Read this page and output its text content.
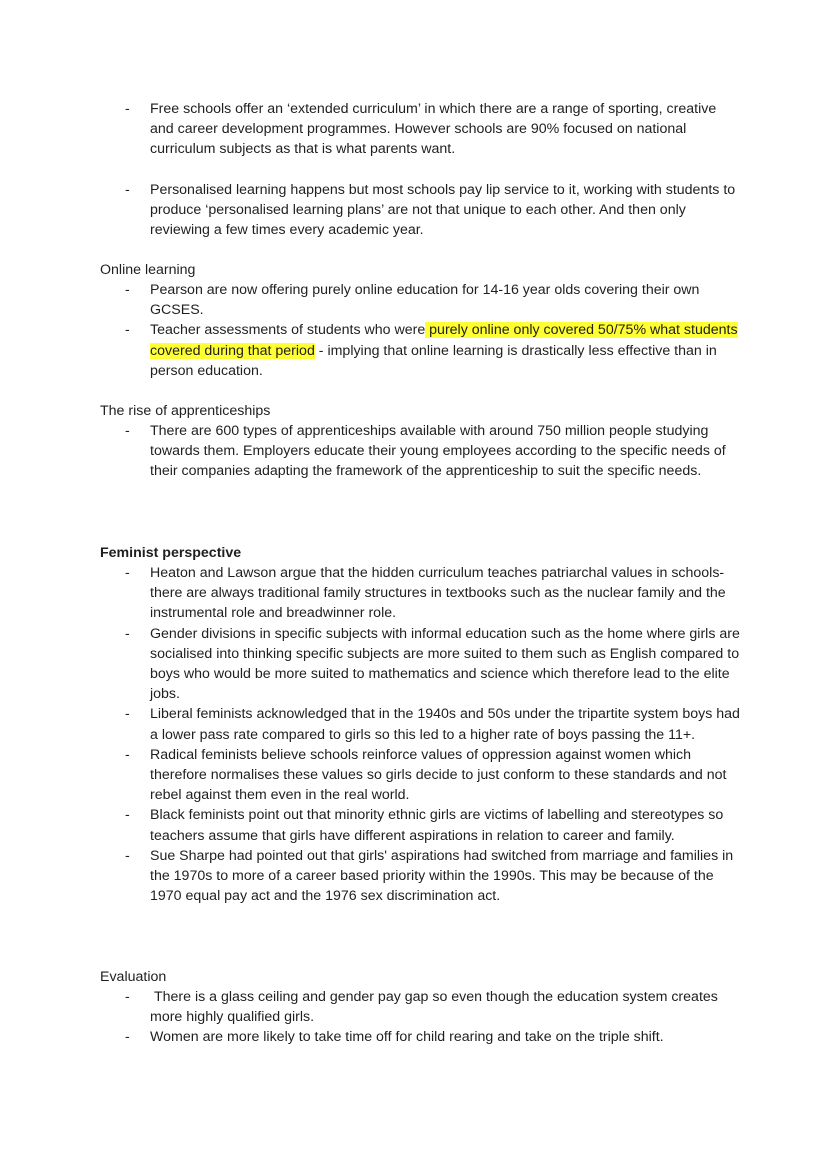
- Free schools offer an ‘extended curriculum’ in which there are a range of sporting, creative and career development programmes. However schools are 90% focused on national curriculum subjects as that is what parents want.
- Personalised learning happens but most schools pay lip service to it, working with students to produce ‘personalised learning plans’ are not that unique to each other. And then only reviewing a few times every academic year.

Online learning

- Pearson are now offering purely online education for 14-16 year olds covering their own GCSES.
- Teacher assessments of students who were purely online only covered 50/75% what students covered during that period - implying that online learning is drastically less effective than in person education.

The rise of apprenticeships

- There are 600 types of apprenticeships available with around 750 million people studying towards them. Employers educate their young employees according to the specific needs of their companies adapting the framework of the apprenticeship to suit the specific needs.

Feminist perspective

- Heaton and Lawson argue that the hidden curriculum teaches patriarchal values in schools- there are always traditional family structures in textbooks such as the nuclear family and the instrumental role and breadwinner role.
- Gender divisions in specific subjects with informal education such as the home where girls are socialised into thinking specific subjects are more suited to them such as English compared to boys who would be more suited to mathematics and science which therefore lead to the elite jobs.
- Liberal feminists acknowledged that in the 1940s and 50s under the tripartite system boys had a lower pass rate compared to girls so this led to a higher rate of boys passing the 11+.
- Radical feminists believe schools reinforce values of oppression against women which therefore normalises these values so girls decide to just conform to these standards and not rebel against them even in the real world.
- Black feminists point out that minority ethnic girls are victims of labelling and stereotypes so teachers assume that girls have different aspirations in relation to career and family.
- Sue Sharpe had pointed out that girls' aspirations had switched from marriage and families in the 1970s to more of a career based priority within the 1990s. This may be because of the 1970 equal pay act and the 1976 sex discrimination act.

Evaluation

- There is a glass ceiling and gender pay gap so even though the education system creates more highly qualified girls.
- Women are more likely to take time off for child rearing and take on the triple shift.
